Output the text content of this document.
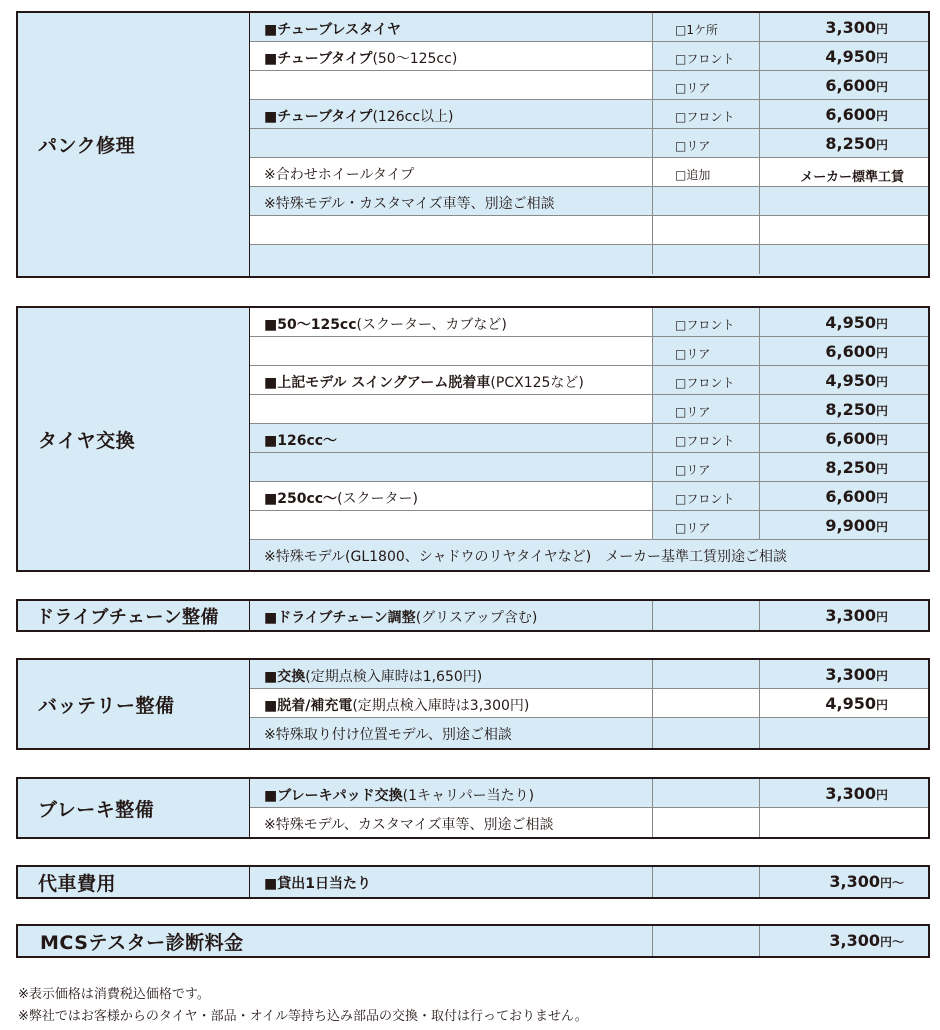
パンク修理
■チューブレスタイヤ	□1ケ所	3,300円
■チューブタイプ(50〜125cc)	□フロント	4,950円
□リア	6,600円
■チューブタイプ(126cc以上)	□フロント	6,600円
□リア	8,250円
※合わせホイールタイプ	□追加	メーカー標準工賃
※特殊モデル・カスタマイズ車等、別途ご相談
タイヤ交換
■50〜125cc(スクーター、カブなど)	□フロント	4,950円
□リア	6,600円
■上記モデル スイングアーム脱着車(PCX125など)	□フロント	4,950円
□リア	8,250円
■126cc〜	□フロント	6,600円
□リア	8,250円
■250cc〜(スクーター)	□フロント	6,600円
□リア	9,900円
※特殊モデル(GL1800、シャドウのリヤタイヤなど)　メーカー基準工賃別途ご相談
ドライブチェーン整備	■ドライブチェーン調整(グリスアップ含む)	3,300円
バッテリー整備
■交換(定期点検入庫時は1,650円)	3,300円
■脱着/補充電(定期点検入庫時は3,300円)	4,950円
※特殊取り付け位置モデル、別途ご相談
ブレーキ整備
■ブレーキパッド交換(1キャリパー当たり)	3,300円
※特殊モデル、カスタマイズ車等、別途ご相談
代車費用	■貸出1日当たり	3,300円〜
MCSテスター診断料金	3,300円〜
※表示価格は消費税込価格です。
※弊社ではお客様からのタイヤ・部品・オイル等持ち込み部品の交換・取付は行っておりません。
